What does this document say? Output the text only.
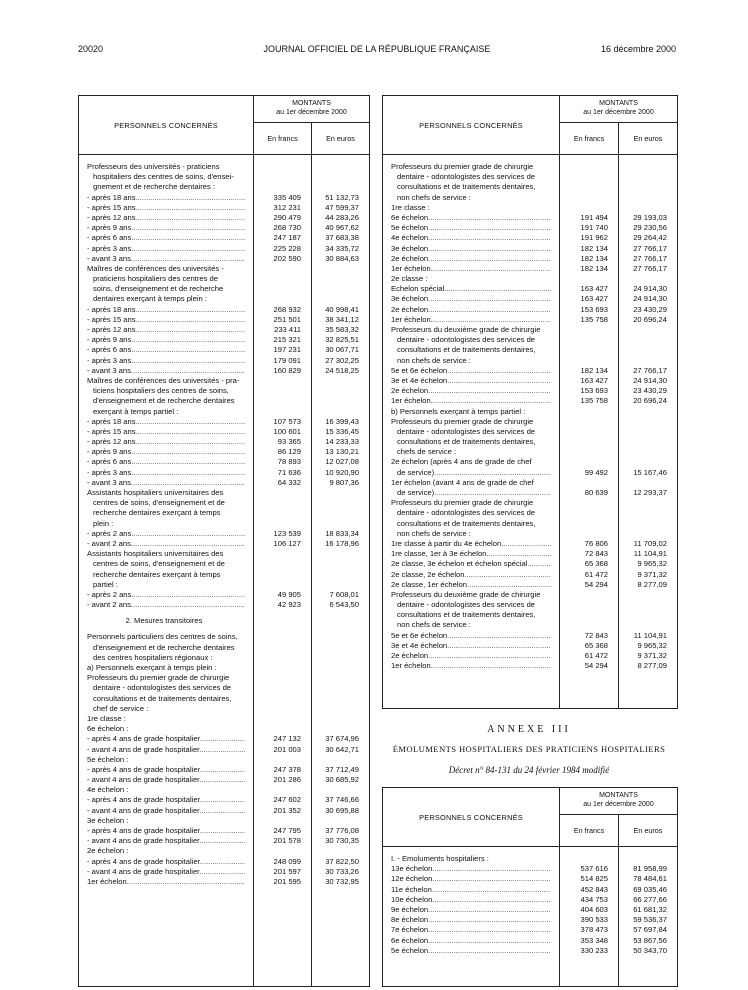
20020	JOURNAL OFFICIEL DE LA RÉPUBLIQUE FRANÇAISE	16 décembre 2000
PERSONNELS CONCERNÉS
MONTANTS
au 1er décembre 2000
En francs	En euros
Professeurs des universités - praticiens
hospitaliers des centres de soins, d'ensei-
gnement et de recherche dentaires :
- après 18 ans .....	335 409	51 132,73
- après 15 ans .....	312 231	47 599,37
- après 12 ans .....	290 479	44 283,26
- après 9 ans .....	268 730	40 967,62
- après 6 ans .....	247 187	37 683,38
- après 3 ans .....	225 228	34 335,72
- avant 3 ans .....	202 590	30 884,63
Maîtres de conférences des universités -
praticiens hospitaliers des centres de
soins, d'enseignement et de recherche
dentaires exerçant à temps plein :
- après 18 ans .....	268 932	40 998,41
- après 15 ans .....	251 501	38 341,12
- après 12 ans .....	233 411	35 583,32
- après 9 ans .....	215 321	32 825,51
- après 6 ans .....	197 231	30 067,71
- après 3 ans .....	179 091	27 302,25
- avant 3 ans .....	160 829	24 518,25
Maîtres de conférences des universités - pra-
ticiens hospitaliers des centres de soins,
d'enseignement et de recherche dentaires
exerçant à temps partiel :
- après 18 ans .....	107 573	16 399,43
- après 15 ans .....	100 601	15 336,45
- après 12 ans .....	93 365	14 233,33
- après 9 ans .....	86 129	13 130,21
- après 6 ans .....	78 893	12 027,08
- après 3 ans .....	71 636	10 920,90
- avant 3 ans .....	64 332	9 807,36
Assistants hospitaliers universitaires des
centres de soins, d'enseignement et de
recherche dentaires exerçant à temps
plein :
- après 2 ans .....	123 539	18 833,34
- avant 2 ans .....	106 127	16 178,96
Assistants hospitaliers universitaires des
centres de soins, d'enseignement et de
recherche dentaires exerçant à temps
partiel :
- après 2 ans .....	49 905	7 608,01
- avant 2 ans .....	42 923	6 543,50
2. Mesures transitoires
Personnels particuliers des centres de soins,
d'enseignement et de recherche dentaires
des centres hospitaliers régionaux :
a) Personnels exerçant à temps plein :
Professeurs du premier grade de chirurgie
dentaire - odontologistes des services de
consultations et de traitements dentaires,
chef de service :
1re classe :
6e échelon :
- après 4 ans de grade hospitalier .....	247 132	37 674,96
- avant 4 ans de grade hospitalier .....	201 003	30 642,71
5e échelon :
- après 4 ans de grade hospitalier .....	247 378	37 712,49
- avant 4 ans de grade hospitalier .....	201 286	30 685,92
4e échelon :
- après 4 ans de grade hospitalier .....	247 602	37 746,66
- avant 4 ans de grade hospitalier .....	201 352	30 695,88
3e échelon :
- après 4 ans de grade hospitalier .....	247 795	37 776,08
- avant 4 ans de grade hospitalier .....	201 578	30 730,35
2e échelon :
- après 4 ans de grade hospitalier .....	248 099	37 822,50
- avant 4 ans de grade hospitalier .....	201 597	30 733,26
1er échelon .....	201 595	30 732,95
PERSONNELS CONCERNÉS
MONTANTS
au 1er décembre 2000
En francs	En euros
Professeurs du premier grade de chirurgie
dentaire - odontologistes des services de
consultations et de traitements dentaires,
non chefs de service :
1re classe :
6e échelon .....	191 494	29 193,03
5e échelon .....	191 740	29 230,56
4e échelon .....	191 962	29 264,42
3e échelon .....	182 134	27 766,17
2e échelon .....	182 134	27 766,17
1er échelon .....	182 134	27 766,17
2e classe :
Echelon spécial .....	163 427	24 914,30
3e échelon .....	163 427	24 914,30
2e échelon .....	153 693	23 430,29
1er échelon .....	135 758	20 696,24
Professeurs du deuxième grade de chirurgie
dentaire - odontologistes des services de
consultations et de traitements dentaires,
non chefs de service :
5e et 6e échelon .....	182 134	27 766,17
3e et 4e échelon .....	163 427	24 914,30
2e échelon .....	153 693	23 430,29
1er échelon .....	135 758	20 696,24
b) Personnels exerçant à temps partiel :
Professeurs du premier grade de chirurgie
dentaire - odontologistes des services de
consultations et de traitements dentaires,
chefs de service :
2e échelon (après 4 ans de grade de chef
de service) .....	99 492	15 167,46
1er échelon (avant 4 ans de grade de chef
de service) .....	80 639	12 293,37
Professeurs du premier grade de chirurgie
dentaire - odontologistes des services de
consultations et de traitements dentaires,
non chefs de service :
1re classe à partir du 4e échelon .....	76 806	11 709,02
1re classe, 1er à 3e échelon .....	72 843	11 104,91
2e classe, 3e échelon et échelon spécial .....	65 368	9 965,32
2e classe, 2e échelon .....	61 472	9 371,32
2e classe, 1er échelon .....	54 294	8 277,09
Professeurs du deuxième grade de chirurgie
dentaire - odontologistes des services de
consultations et de traitements dentaires,
non chefs de service :
5e et 6e échelon .....	72 843	11 104,91
3e et 4e échelon .....	65 368	9 965,32
2e échelon .....	61 472	9 371,32
1er échelon .....	54 294	8 277,09
ANNEXE III
ÉMOLUMENTS HOSPITALIERS DES PRATICIENS HOSPITALIERS
Décret n° 84-131 du 24 février 1984 modifié
PERSONNELS CONCERNÉS
MONTANTS
au 1er décembre 2000
En francs	En euros
I. - Emoluments hospitaliers :
13e échelon .....	537 616	81 958,99
12e échelon .....	514 825	78 484,61
11e échelon .....	452 843	69 035,46
10e échelon .....	434 753	66 277,66
9e échelon .....	404 603	61 681,32
8e échelon .....	390 533	59 536,37
7e échelon .....	378 473	57 697,84
6e échelon .....	353 348	53 867,56
5e échelon .....	330 233	50 343,70
